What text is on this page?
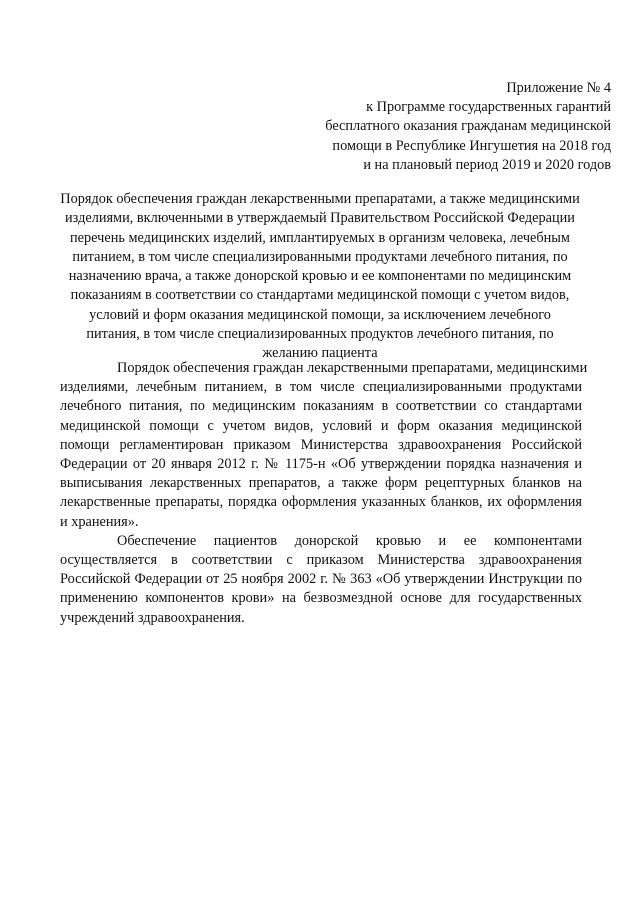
Приложение № 4
к Программе государственных гарантий
бесплатного оказания гражданам медицинской
помощи в Республике Ингушетия на 2018 год
и на плановый период 2019 и 2020 годов
Порядок обеспечения граждан лекарственными препаратами, а также медицинскими
изделиями, включенными в утверждаемый Правительством Российской Федерации
перечень медицинских изделий, имплантируемых в организм человека, лечебным
питанием, в том числе специализированными продуктами лечебного питания, по
назначению врача, а также донорской кровью и ее компонентами по медицинским
показаниям в соответствии со стандартами медицинской помощи с учетом видов,
условий и форм оказания медицинской помощи, за исключением лечебного
питания, в том числе специализированных продуктов лечебного питания, по
желанию пациента
Порядок обеспечения граждан лекарственными препаратами, медицинскими
изделиями, лечебным питанием, в том числе специализированными продуктами
лечебного питания, по медицинским показаниям в соответствии со стандартами
медицинской помощи с учетом видов, условий и форм оказания медицинской
помощи регламентирован приказом Министерства здравоохранения Российской
Федерации от 20 января 2012 г. № 1175-н «Об утверждении порядка назначения и
выписывания лекарственных препаратов, а также форм рецептурных бланков на
лекарственные препараты, порядка оформления указанных бланков, их оформления
и хранения».
Обеспечение пациентов донорской кровью и ее компонентами
осуществляется в соответствии с приказом Министерства здравоохранения
Российской Федерации от 25 ноября 2002 г. № 363 «Об утверждении Инструкции по
применению компонентов крови» на безвозмездной основе для государственных
учреждений здравоохранения.
